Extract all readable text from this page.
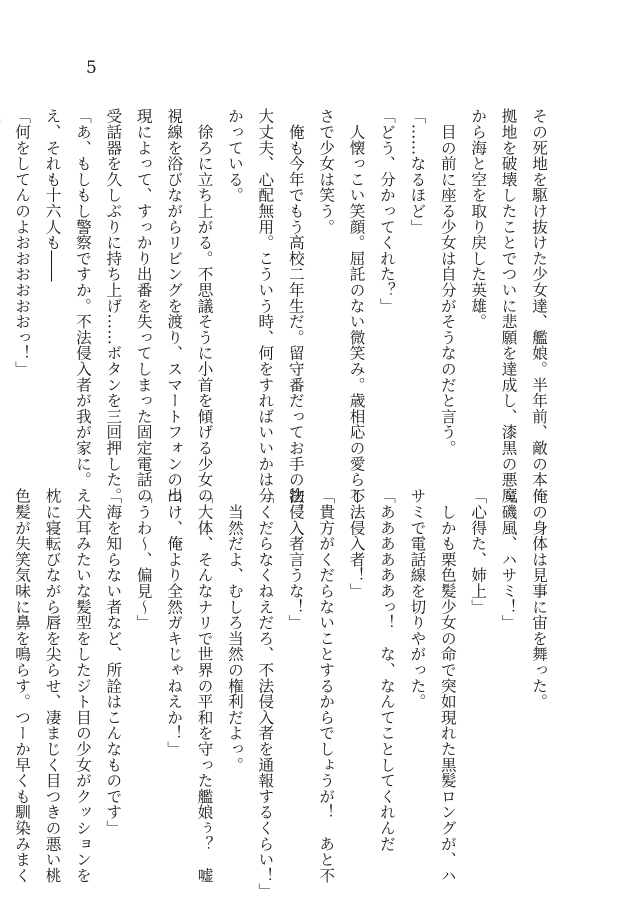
5
その死地を駆け抜けた少女達、艦娘。半年前、敵の本
拠地を破壊したことでついに悲願を達成し、漆黒の悪魔
から海と空を取り戻した英雄。
　目の前に座る少女は自分がそうなのだと言う。
「……なるほど」
「どう、分かってくれた？」
　人懐っこい笑顔。屈託のない微笑み。歳相応の愛らし
さで少女は笑う。
　俺も今年でもう高校二年生だ。留守番だってお手の物。
大丈夫、心配無用。こういう時、何をすればいいかは分
かっている。
　徐ろに立ち上がる。不思議そうに小首を傾げる少女の
視線を浴びながらリビングを渡り、スマートフォンの出
現によって、すっかり出番を失ってしまった固定電話の
受話器を久しぶりに持ち上げ……ボタンを三回押した。
「あ、もしもし警察ですか。不法侵入者が我が家に。え
え、それも十六人も――
「何をしてんのよおおおおおおっ！」
俺の身体は見事に宙を舞った。
「磯風、ハサミ！」
「心得た、姉上」
　しかも栗色髪少女の命で突如現れた黒髪ロングが、ハ
サミで電話線を切りやがった。
「ああああああっ！　な、なんてことしてくれんだ
不法侵入者！」
「貴方がくだらないことするからでしょうが！　あと不
法侵入者言うな！」
「くだらなくねえだろ、不法侵入者を通報するくらい！」
　当然だよ、むしろ当然の権利だよっ。
「大体、そんなナリで世界の平和を守った艦娘ぅ？　嘘
つけ、俺より全然ガキじゃねえか！」
「うわ～、偏見～」
「海を知らない者など、所詮はこんなものです」
　犬耳みたいな髪型をしたジト目の少女がクッションを
枕に寝転びながら唇を尖らせ、凄まじく目つきの悪い桃
色髪が失笑気味に鼻を鳴らす。つーか早くも馴染みまく
